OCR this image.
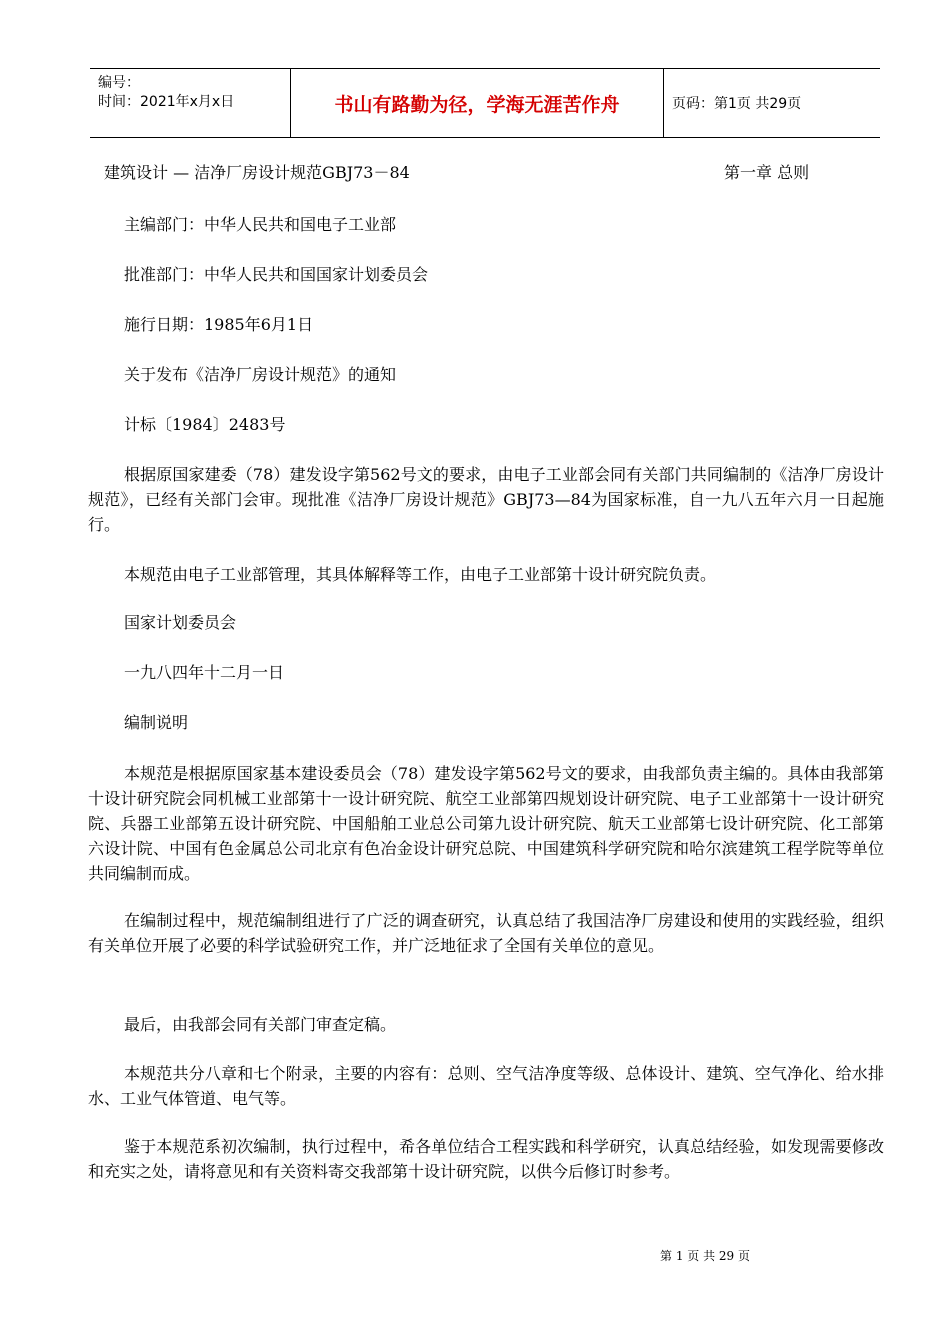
编号：
时间：2021年x月x日	书山有路勤为径，学海无涯苦作舟	页码：第1页 共29页
建筑设计 — 洁净厂房设计规范GBJ73－84	第一章 总则
主编部门：中华人民共和国电子工业部
批准部门：中华人民共和国国家计划委员会
施行日期：1985年6月1日
关于发布《洁净厂房设计规范》的通知
计标〔1984〕2483号
根据原国家建委（78）建发设字第562号文的要求，由电子工业部会同有关部门共同编制的《洁净厂房设计规范》，已经有关部门会审。现批准《洁净厂房设计规范》GBJ73—84为国家标准，自一九八五年六月一日起施行。
本规范由电子工业部管理，其具体解释等工作，由电子工业部第十设计研究院负责。
国家计划委员会
一九八四年十二月一日
编制说明
本规范是根据原国家基本建设委员会（78）建发设字第562号文的要求，由我部负责主编的。具体由我部第十设计研究院会同机械工业部第十一设计研究院、航空工业部第四规划设计研究院、电子工业部第十一设计研究院、兵器工业部第五设计研究院、中国船舶工业总公司第九设计研究院、航天工业部第七设计研究院、化工部第六设计院、中国有色金属总公司北京有色冶金设计研究总院、中国建筑科学研究院和哈尔滨建筑工程学院等单位共同编制而成。
在编制过程中，规范编制组进行了广泛的调查研究，认真总结了我国洁净厂房建设和使用的实践经验，组织有关单位开展了必要的科学试验研究工作，并广泛地征求了全国有关单位的意见。
最后，由我部会同有关部门审查定稿。
本规范共分八章和七个附录，主要的内容有：总则、空气洁净度等级、总体设计、建筑、空气净化、给水排水、工业气体管道、电气等。
鉴于本规范系初次编制，执行过程中，希各单位结合工程实践和科学研究，认真总结经验，如发现需要修改和充实之处，请将意见和有关资料寄交我部第十设计研究院，以供今后修订时参考。
第 1 页 共 29 页
